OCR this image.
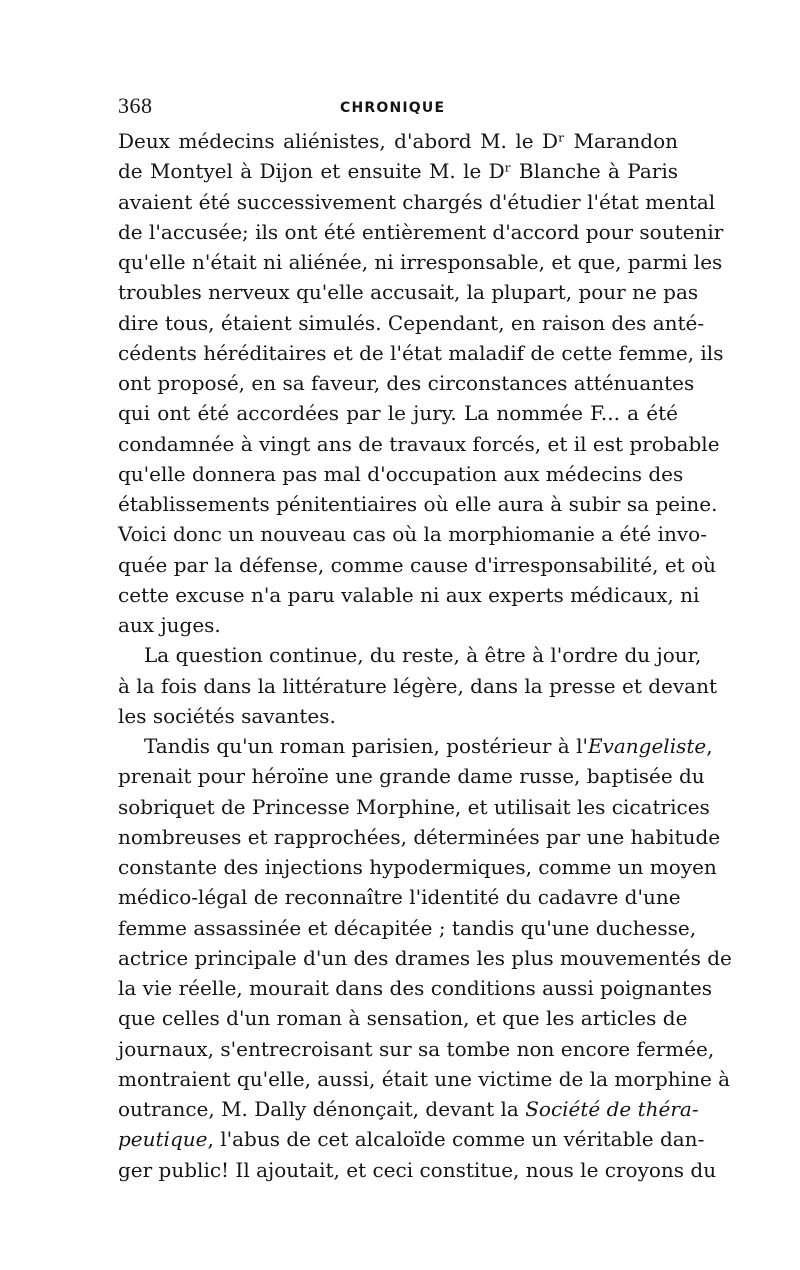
368	CHRONIQUE
Deux médecins aliénistes, d'abord M. le Dʳ Marandon
de Montyel à Dijon et ensuite M. le Dʳ Blanche à Paris
avaient été successivement chargés d'étudier l'état mental
de l'accusée; ils ont été entièrement d'accord pour soutenir
qu'elle n'était ni aliénée, ni irresponsable, et que, parmi les
troubles nerveux qu'elle accusait, la plupart, pour ne pas
dire tous, étaient simulés. Cependant, en raison des anté-
cédents héréditaires et de l'état maladif de cette femme, ils
ont proposé, en sa faveur, des circonstances atténuantes
qui ont été accordées par le jury. La nommée F... a été
condamnée à vingt ans de travaux forcés, et il est probable
qu'elle donnera pas mal d'occupation aux médecins des
établissements pénitentiaires où elle aura à subir sa peine.
Voici donc un nouveau cas où la morphiomanie a été invo-
quée par la défense, comme cause d'irresponsabilité, et où
cette excuse n'a paru valable ni aux experts médicaux, ni
aux juges.
La question continue, du reste, à être à l'ordre du jour,
à la fois dans la littérature légère, dans la presse et devant
les sociétés savantes.
Tandis qu'un roman parisien, postérieur à l'Evangeliste,
prenait pour héroïne une grande dame russe, baptisée du
sobriquet de Princesse Morphine, et utilisait les cicatrices
nombreuses et rapprochées, déterminées par une habitude
constante des injections hypodermiques, comme un moyen
médico-légal de reconnaître l'identité du cadavre d'une
femme assassinée et décapitée ; tandis qu'une duchesse,
actrice principale d'un des drames les plus mouvementés de
la vie réelle, mourait dans des conditions aussi poignantes
que celles d'un roman à sensation, et que les articles de
journaux, s'entrecroisant sur sa tombe non encore fermée,
montraient qu'elle, aussi, était une victime de la morphine à
outrance, M. Dally dénonçait, devant la Société de théra-
peutique, l'abus de cet alcaloïde comme un véritable dan-
ger public! Il ajoutait, et ceci constitue, nous le croyons du
